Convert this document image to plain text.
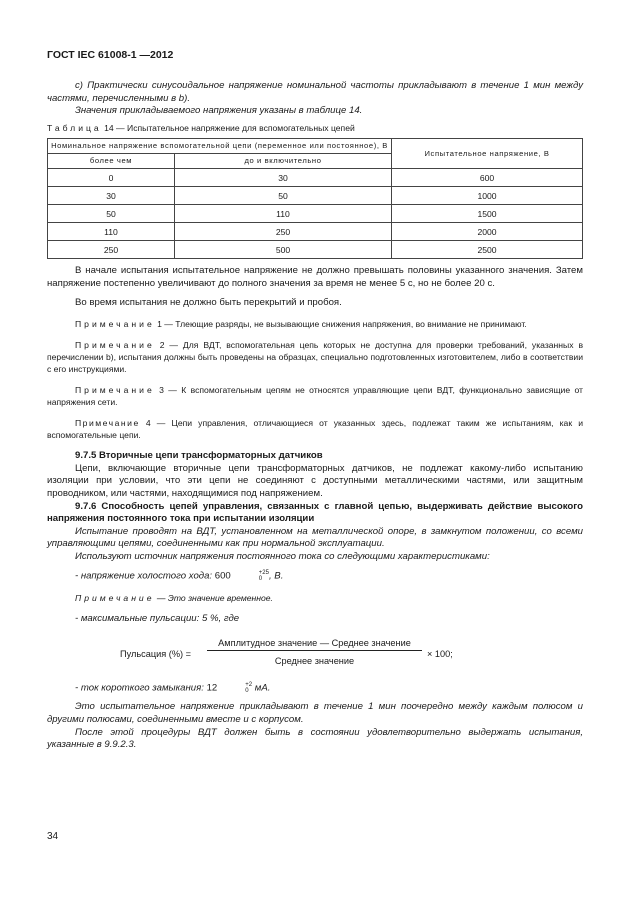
ГОСТ IEC 61008-1 —2012

c) Практически синусоидальное напряжение номинальной частоты прикладывают в течение 1 мин между частями, перечисленными в b).

Значения прикладываемого напряжения указаны в таблице 14.

Таблица 14 — Испытательное напряжение для вспомогательных цепей
Номинальное напряжение вспомогательной цепи (переменное или постоянное), В		Испытательное напряжение, В
более чем	до и включительно	
0	30	600
30	50	1000
50	110	1500
110	250	2000
250	500	2500

В начале испытания испытательное напряжение не должно превышать половины указанного значения. Затем напряжение постепенно увеличивают до полного значения за время не менее 5 с, но не более 20 с.

Во время испытания не должно быть перекрытий и пробоя.

Примечание 1 — Тлеющие разряды, не вызывающие снижения напряжения, во внимание не принимают.

Примечание 2 — Для ВДТ, вспомогательная цепь которых не доступна для проверки требований, указанных в перечислении b), испытания должны быть проведены на образцах, специально подготовленных изготовителем, либо в соответствии с его инструкциями.

Примечание 3 — К вспомогательным цепям не относятся управляющие цепи ВДТ, функционально зависящие от напряжения сети.

Примечание 4 — Цепи управления, отличающиеся от указанных здесь, подлежат таким же испытаниям, как и вспомогательные цепи.

9.7.5 Вторичные цепи трансформаторных датчиков

Цепи, включающие вторичные цепи трансформаторных датчиков, не подлежат какому-либо испытанию изоляции при условии, что эти цепи не соединяют с доступными металлическими частями, или защитным проводником, или частями, находящимися под напряжением.

9.7.6 Способность цепей управления, связанных с главной цепью, выдерживать действие высокого напряжения постоянного тока при испытании изоляции

Испытание проводят на ВДТ, установленном на металлической опоре, в замкнутом положении, со всеми управляющими цепями, соединенными как при нормальной эксплуатации.

Используют источник напряжения постоянного тока со следующими характеристиками:

- напряжение холостого хода: 600	+25
0 , В.

Примечание — Это значение временное.

- максимальные пульсации: 5 %, где

Пульсация (%) =
Амплитудное значение — Среднее значение
Среднее значение
× 100;

- ток короткого замыкания: 12	+2
0 мА.

Это испытательное напряжение прикладывают в течение 1 мин поочередно между каждым полюсом и другими полюсами, соединенными вместе и с корпусом.

После этой процедуры ВДТ должен быть в состоянии удовлетворительно выдержать испытания, указанные в 9.9.2.3.

34
